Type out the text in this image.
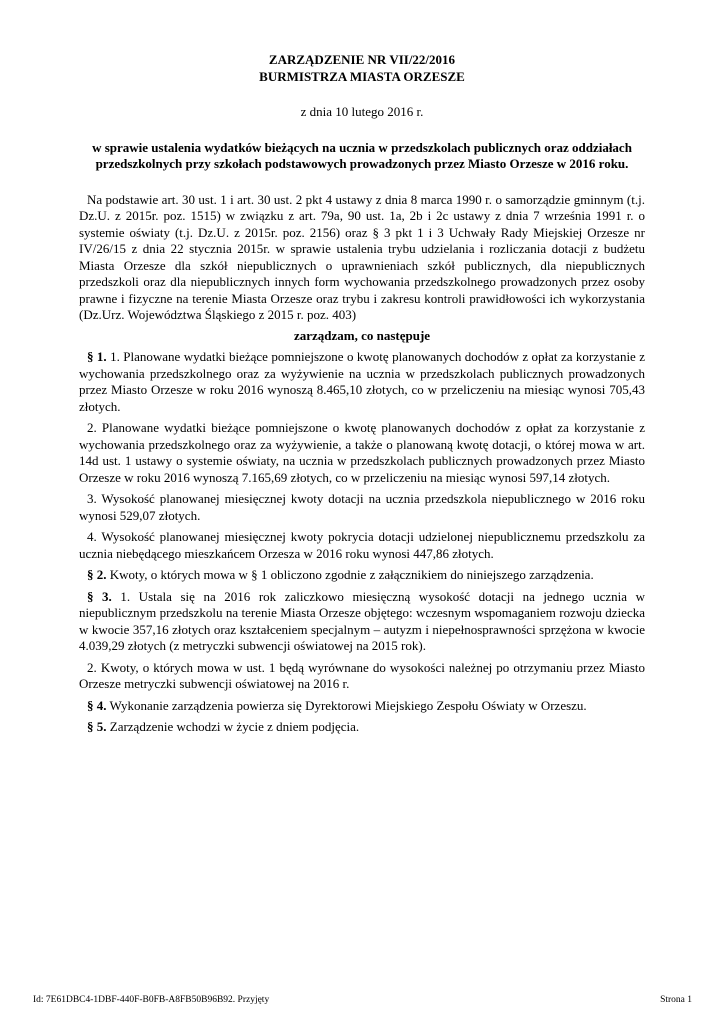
ZARZĄDZENIE NR VII/22/2016
BURMISTRZA MIASTA ORZESZE

z dnia 10 lutego 2016 r.

w sprawie ustalenia wydatków bieżących na ucznia w przedszkolach publicznych oraz oddziałach przedszkolnych przy szkołach podstawowych prowadzonych przez Miasto Orzesze w 2016 roku.

Na podstawie art. 30 ust. 1 i art. 30 ust. 2 pkt 4 ustawy z dnia 8 marca 1990 r. o samorządzie gminnym (t.j. Dz.U. z 2015r. poz. 1515) w związku z art. 79a, 90 ust. 1a, 2b i 2c ustawy z dnia 7 września 1991 r. o systemie oświaty (t.j. Dz.U. z 2015r. poz. 2156) oraz § 3 pkt 1 i 3 Uchwały Rady Miejskiej Orzesze nr IV/26/15 z dnia 22 stycznia 2015r. w sprawie ustalenia trybu udzielania i rozliczania dotacji z budżetu Miasta Orzesze dla szkół niepublicznych o uprawnieniach szkół publicznych, dla niepublicznych przedszkoli oraz dla niepublicznych innych form wychowania przedszkolnego prowadzonych przez osoby prawne i fizyczne na terenie Miasta Orzesze oraz trybu i zakresu kontroli prawidłowości ich wykorzystania (Dz.Urz. Województwa Śląskiego z 2015 r. poz. 403)

zarządzam, co następuje

§ 1. 1. Planowane wydatki bieżące pomniejszone o kwotę planowanych dochodów z opłat za korzystanie z wychowania przedszkolnego oraz za wyżywienie na ucznia w przedszkolach publicznych prowadzonych przez Miasto Orzesze w roku 2016 wynoszą 8.465,10 złotych, co w przeliczeniu na miesiąc wynosi 705,43 złotych.

2. Planowane wydatki bieżące pomniejszone o kwotę planowanych dochodów z opłat za korzystanie z wychowania przedszkolnego oraz za wyżywienie, a także o planowaną kwotę dotacji, o której mowa w art. 14d ust. 1 ustawy o systemie oświaty, na ucznia w przedszkolach publicznych prowadzonych przez Miasto Orzesze w roku 2016 wynoszą 7.165,69 złotych, co w przeliczeniu na miesiąc wynosi 597,14 złotych.

3. Wysokość planowanej miesięcznej kwoty dotacji na ucznia przedszkola niepublicznego w 2016 roku wynosi 529,07 złotych.

4. Wysokość planowanej miesięcznej kwoty pokrycia dotacji udzielonej niepublicznemu przedszkolu za ucznia niebędącego mieszkańcem Orzesza w 2016 roku wynosi 447,86 złotych.

§ 2. Kwoty, o których mowa w § 1 obliczono zgodnie z załącznikiem do niniejszego zarządzenia.

§ 3. 1. Ustala się na 2016 rok zaliczkowo miesięczną wysokość dotacji na jednego ucznia w niepublicznym przedszkolu na terenie Miasta Orzesze objętego: wczesnym wspomaganiem rozwoju dziecka w kwocie 357,16 złotych oraz kształceniem specjalnym – autyzm i niepełnosprawności sprzężona w kwocie 4.039,29 złotych (z metryczki subwencji oświatowej na 2015 rok).

2. Kwoty, o których mowa w ust. 1 będą wyrównane do wysokości należnej po otrzymaniu przez Miasto Orzesze metryczki subwencji oświatowej na 2016 r.

§ 4. Wykonanie zarządzenia powierza się Dyrektorowi Miejskiego Zespołu Oświaty w Orzeszu.

§ 5. Zarządzenie wchodzi w życie z dniem podjęcia.

Id: 7E61DBC4-1DBF-440F-B0FB-A8FB50B96B92. Przyjęty	Strona 1
